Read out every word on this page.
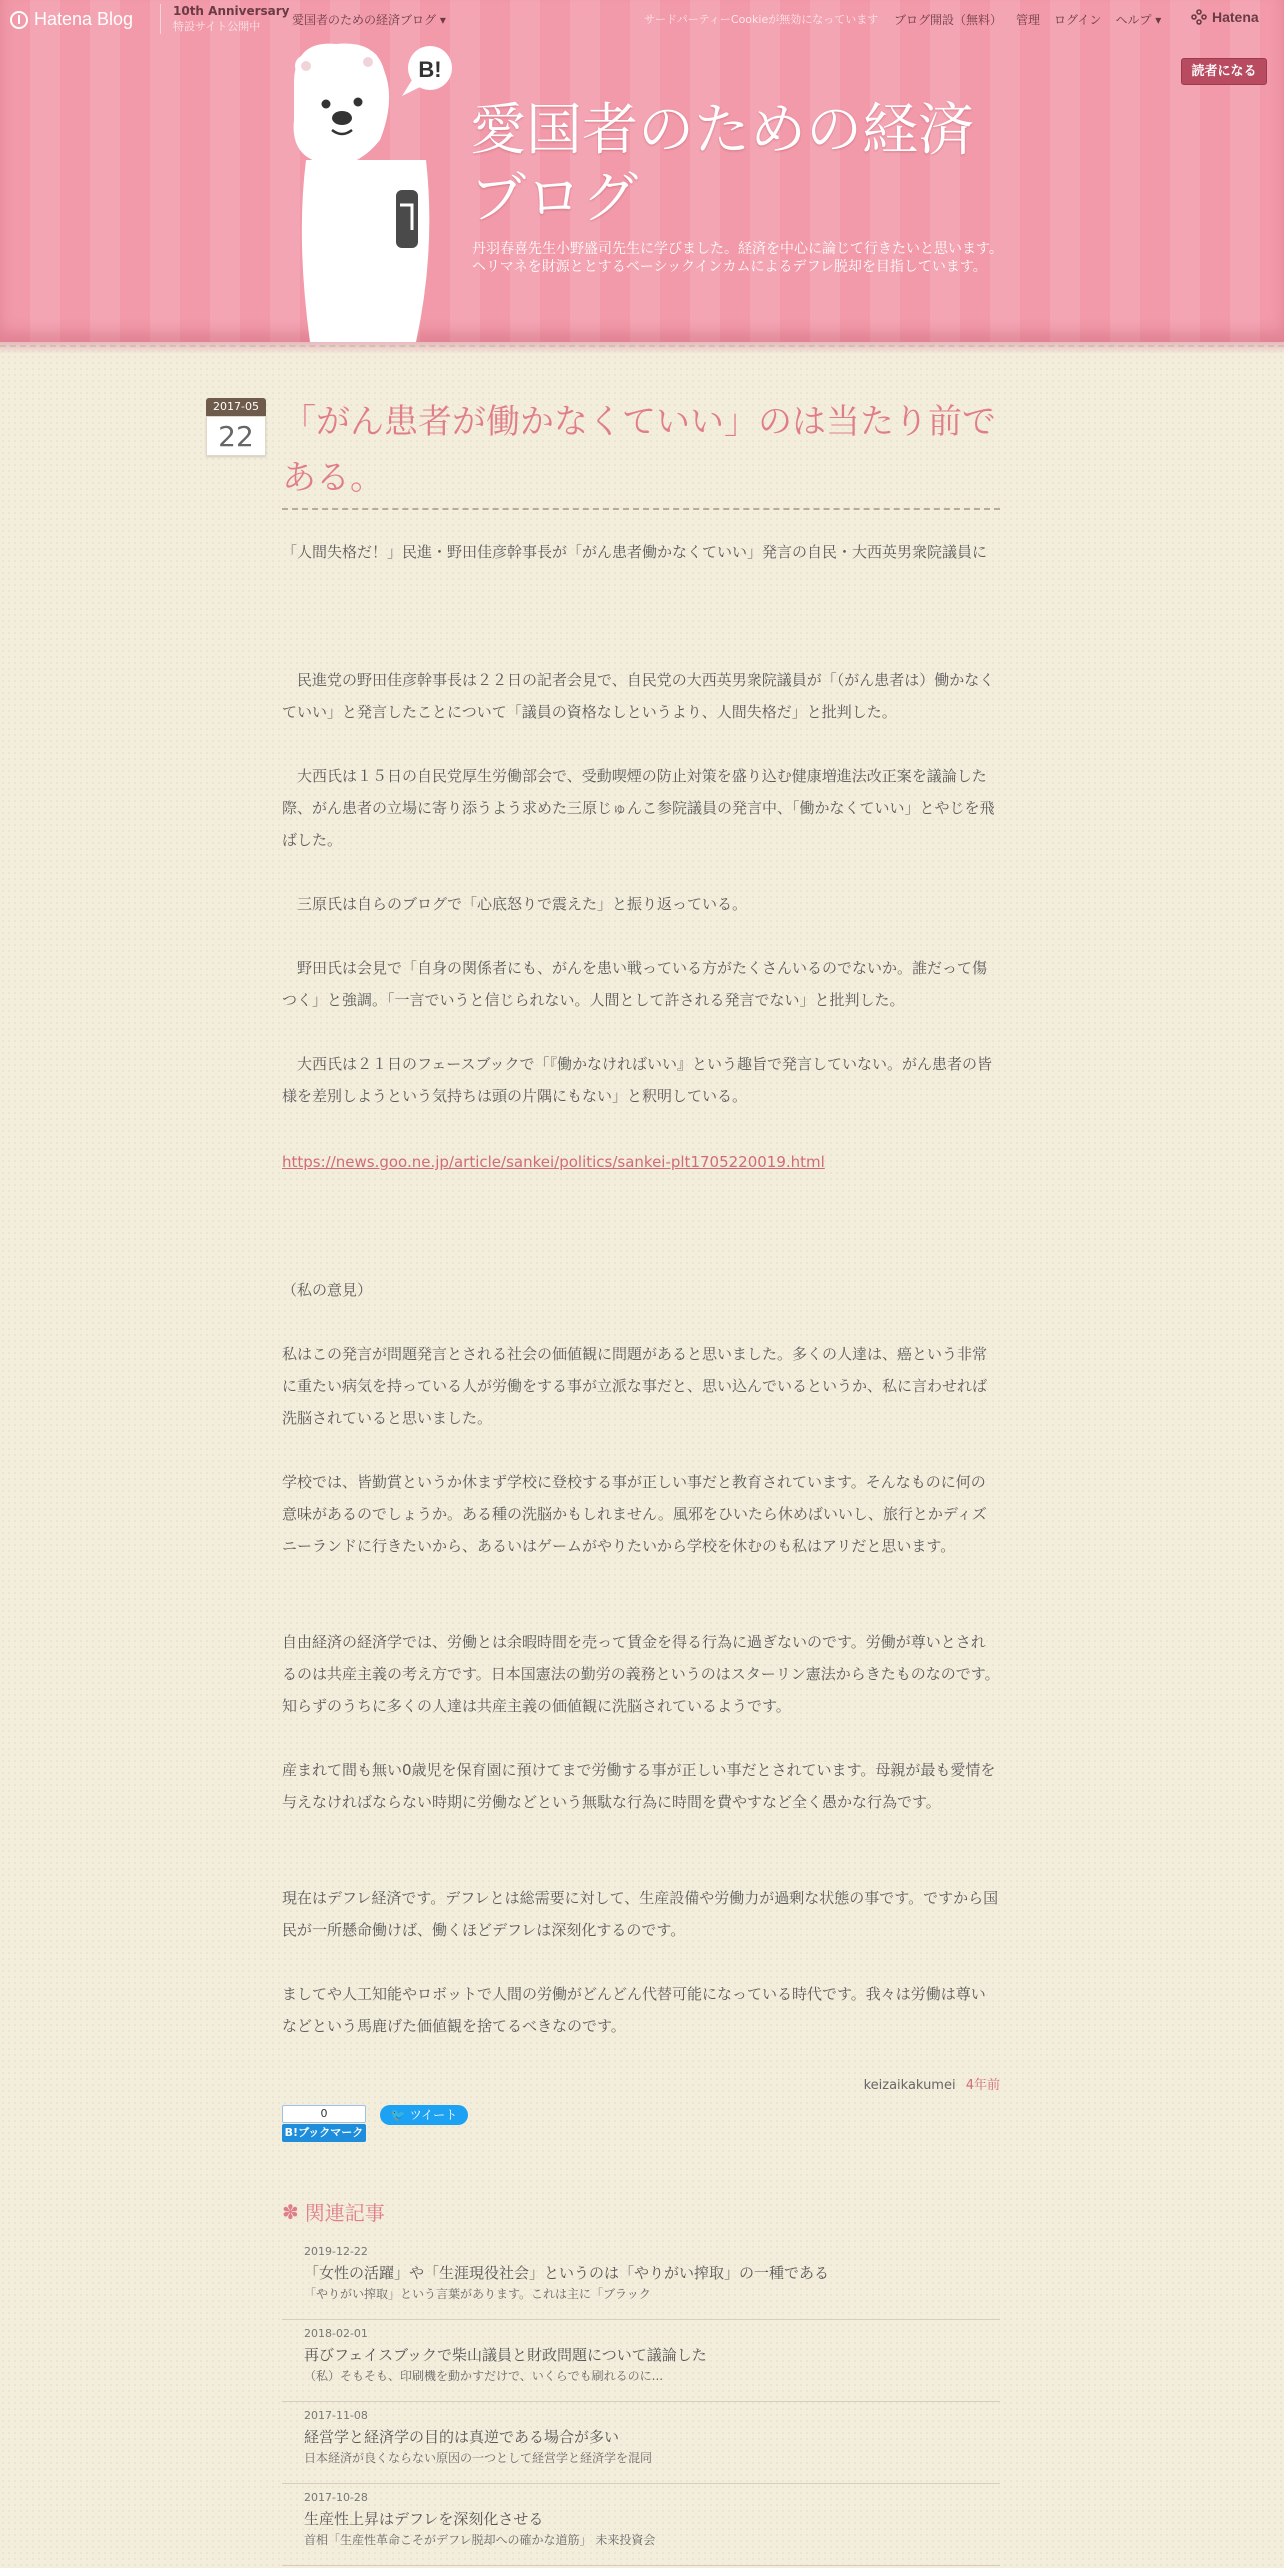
Hatena Blog	10th Anniversary
特設サイト公開中	愛国者のための経済ブログ ▾	サードパーティーCookieが無効になっています ブログ開設（無料） 管理 ログイン ヘルプ ▾	Hatena
読者になる
B!
愛国者のための経済ブログ
丹羽春喜先生小野盛司先生に学びました。経済を中心に論じて行きたいと思います。ヘリマネを財源ととするベーシックインカムによるデフレ脱却を目指しています。
2017-05
22 「がん患者が働かなくていい」のは当たり前である。

「人間失格だ！」民進・野田佳彦幹事長が「がん患者働かなくていい」発言の自民・大西英男衆院議員に

　民進党の野田佳彦幹事長は２２日の記者会見で、自民党の大西英男衆院議員が「（がん患者は）働かなくていい」と発言したことについて「議員の資格なしというより、人間失格だ」と批判した。

　大西氏は１５日の自民党厚生労働部会で、受動喫煙の防止対策を盛り込む健康増進法改正案を議論した際、がん患者の立場に寄り添うよう求めた三原じゅんこ参院議員の発言中、「働かなくていい」とやじを飛ばした。

　三原氏は自らのブログで「心底怒りで震えた」と振り返っている。

　野田氏は会見で「自身の関係者にも、がんを患い戦っている方がたくさんいるのでないか。誰だって傷つく」と強調。「一言でいうと信じられない。人間として許される発言でない」と批判した。

　大西氏は２１日のフェースブックで「『働かなければいい』という趣旨で発言していない。がん患者の皆様を差別しようという気持ちは頭の片隅にもない」と釈明している。

https://news.goo.ne.jp/article/sankei/politics/sankei-plt1705220019.html

（私の意見）

私はこの発言が問題発言とされる社会の価値観に問題があると思いました。多くの人達は、癌という非常に重たい病気を持っている人が労働をする事が立派な事だと、思い込んでいるというか、私に言わせれば洗脳されていると思いました。

学校では、皆勤賞というか休まず学校に登校する事が正しい事だと教育されています。そんなものに何の意味があるのでしょうか。ある種の洗脳かもしれません。風邪をひいたら休めばいいし、旅行とかディズニーランドに行きたいから、あるいはゲームがやりたいから学校を休むのも私はアリだと思います。

自由経済の経済学では、労働とは余暇時間を売って賃金を得る行為に過ぎないのです。労働が尊いとされるのは共産主義の考え方です。日本国憲法の勤労の義務というのはスターリン憲法からきたものなのです。知らずのうちに多くの人達は共産主義の価値観に洗脳されているようです。

産まれて間も無い0歳児を保育園に預けてまで労働する事が正しい事だとされています。母親が最も愛情を与えなければならない時期に労働などという無駄な行為に時間を費やすなど全く愚かな行為です。

現在はデフレ経済です。デフレとは総需要に対して、生産設備や労働力が過剰な状態の事です。ですから国民が一所懸命働けば、働くほどデフレは深刻化するのです。

ましてや人工知能やロボットで人間の労働がどんどん代替可能になっている時代です。我々は労働は尊いなどという馬鹿げた価値観を捨てるべきなのです。

keizaikakumei 4年前
0
B!ブックマーク
🐦 ツイート
✽ 関連記事
2019-12-22
「女性の活躍」や「生涯現役社会」というのは「やりがい搾取」の一種である
「やりがい搾取」という言葉があります。これは主に「ブラック
2018-02-01
再びフェイスブックで柴山議員と財政問題について議論した
（私）そもそも、印刷機を動かすだけで、いくらでも刷れるのに...
2017-11-08
経営学と経済学の目的は真逆である場合が多い
日本経済が良くならない原因の一つとして経営学と経済学を混同
2017-10-28
生産性上昇はデフレを深刻化させる
首相「生産性革命こそがデフレ脱却への確かな道筋」 未来投資会
